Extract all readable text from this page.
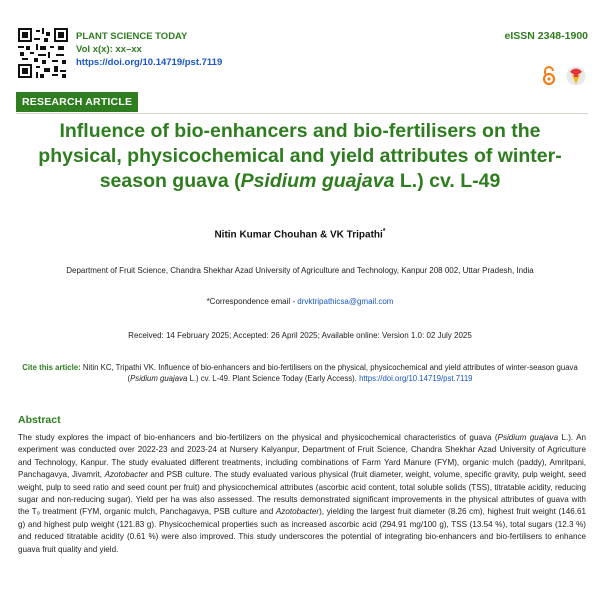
PLANT SCIENCE TODAY
Vol x(x): xx–xx
https://doi.org/10.14719/pst.7119
eISSN 2348-1900
RESEARCH ARTICLE
Influence of bio-enhancers and bio-fertilisers on the physical, physicochemical and yield attributes of winter-season guava (Psidium guajava L.) cv. L-49
Nitin Kumar Chouhan & VK Tripathi*
Department of Fruit Science, Chandra Shekhar Azad University of Agriculture and Technology, Kanpur 208 002, Uttar Pradesh, India
*Correspondence email - drvktripathicsa@gmail.com
Received: 14 February 2025; Accepted: 26 April 2025; Available online: Version 1.0: 02 July 2025
Cite this article: Nitin KC, Tripathi VK. Influence of bio-enhancers and bio-fertilisers on the physical, physicochemical and yield attributes of winter-season guava (Psidium guajava L.) cv. L-49. Plant Science Today (Early Access). https://doi.org/10.14719/pst.7119
Abstract
The study explores the impact of bio-enhancers and bio-fertilizers on the physical and physicochemical characteristics of guava (Psidium guajava L.). An experiment was conducted over 2022-23 and 2023-24 at Nursery Kalyanpur, Department of Fruit Science, Chandra Shekhar Azad University of Agriculture and Technology, Kanpur. The study evaluated different treatments, including combinations of Farm Yard Manure (FYM), organic mulch (paddy), Amritpani, Panchagavya, Jivamrit, Azotobacter and PSB culture. The study evaluated various physical (fruit diameter, weight, volume, specific gravity, pulp weight, seed weight, pulp to seed ratio and seed count per fruit) and physicochemical attributes (ascorbic acid content, total soluble solids (TSS), titratable acidity, reducing sugar and non-reducing sugar). Yield per ha was also assessed. The results demonstrated significant improvements in the physical attributes of guava with the T₉ treatment (FYM, organic mulch, Panchagavya, PSB culture and Azotobacter), yielding the largest fruit diameter (8.26 cm), highest fruit weight (146.61 g) and highest pulp weight (121.83 g). Physicochemical properties such as increased ascorbic acid (294.91 mg/100 g), TSS (13.54 %), total sugars (12.3 %) and reduced titratable acidity (0.61 %) were also improved. This study underscores the potential of integrating bio-enhancers and bio-fertilisers to enhance guava fruit quality and yield.
